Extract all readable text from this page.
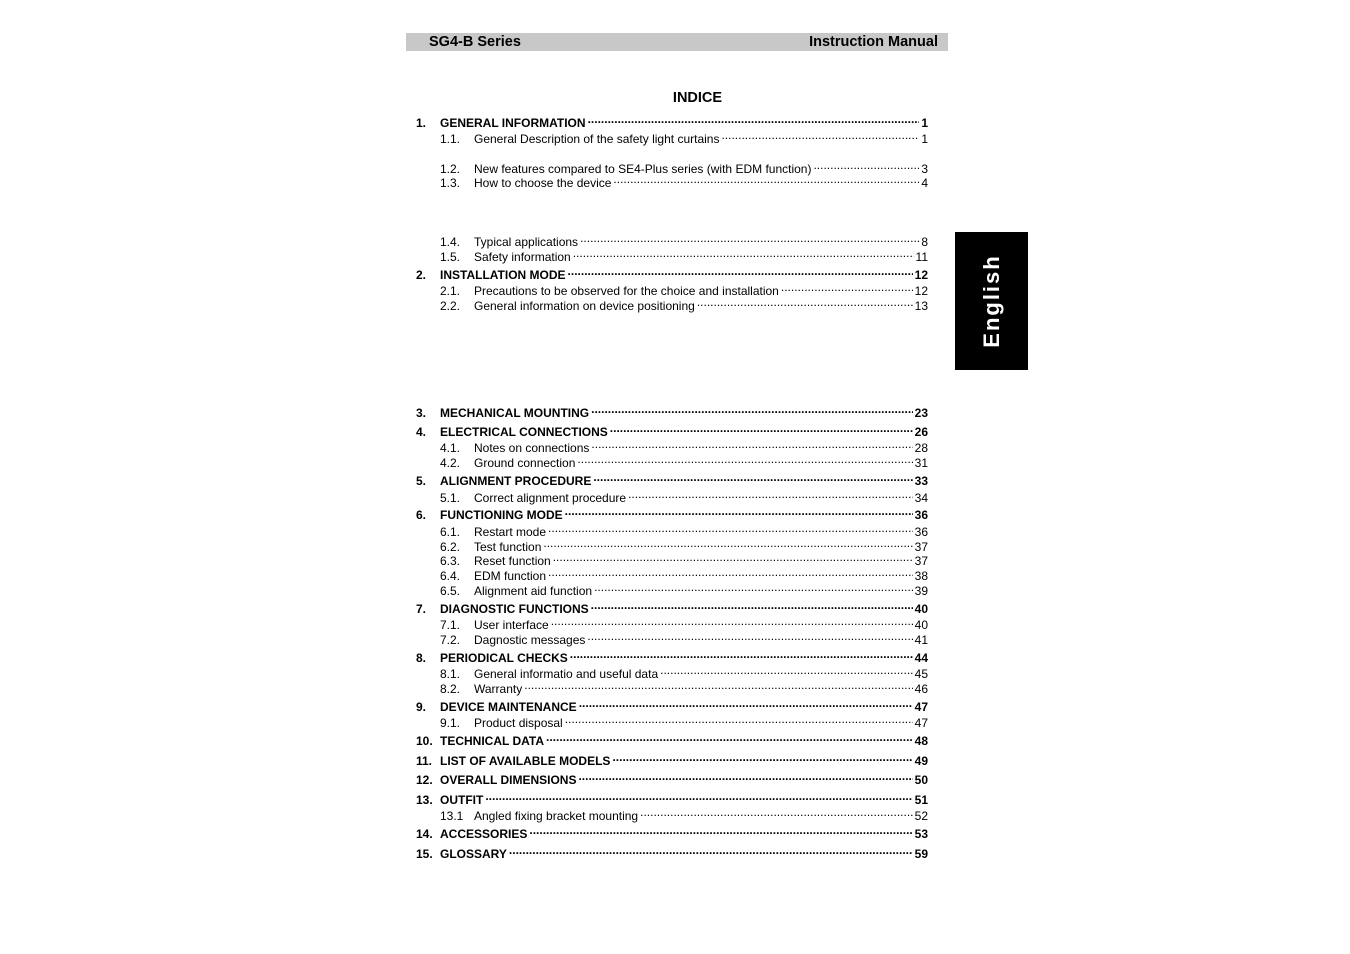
SG4-B Series	Instruction Manual
INDICE
1.	GENERAL INFORMATION .....	1
1.1.	General Description of the safety light curtains .....	1
1.2.	New features compared to SE4-Plus series (with EDM function) .....	3
1.3.	How to choose the device .....	4
1.4.	Typical applications .....	8
1.5.	Safety information .....	11
2.	INSTALLATION MODE .....	12
2.1.	Precautions to be observed for the choice and installation .....	12
2.2.	General information on device positioning .....	13
3.	MECHANICAL MOUNTING .....	23
4.	ELECTRICAL CONNECTIONS .....	26
4.1.	Notes on connections .....	28
4.2.	Ground connection .....	31
5.	ALIGNMENT PROCEDURE .....	33
5.1.	Correct alignment procedure .....	34
6.	FUNCTIONING MODE .....	36
6.1.	Restart mode .....	36
6.2.	Test function .....	37
6.3.	Reset function .....	37
6.4.	EDM function .....	38
6.5.	Alignment aid function .....	39
7.	DIAGNOSTIC FUNCTIONS .....	40
7.1.	User interface .....	40
7.2.	Dagnostic messages .....	41
8.	PERIODICAL CHECKS .....	44
8.1.	General informatio and useful data .....	45
8.2.	Warranty .....	46
9.	DEVICE MAINTENANCE .....	47
9.1.	Product disposal .....	47
10. TECHNICAL DATA .....	48
11. LIST OF AVAILABLE MODELS .....	49
12. OVERALL DIMENSIONS .....	50
13. OUTFIT .....	51
13.1 Angled fixing bracket mounting .....	52
14. ACCESSORIES .....	53
15. GLOSSARY .....	59
English
